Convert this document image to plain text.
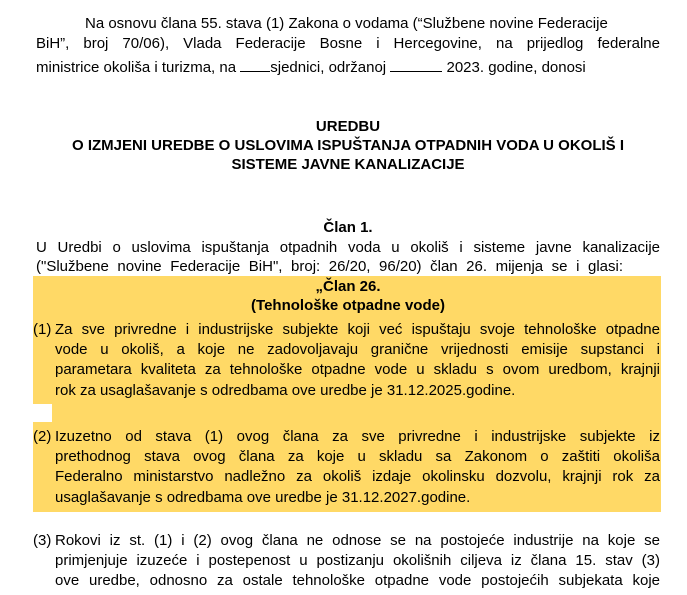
Na osnovu člana 55. stava (1) Zakona o vodama (“Službene novine Federacije
BiH”, broj 70/06), Vlada Federacije Bosne i Hercegovine, na prijedlog federalne
ministrice okoliša i turizma, na sjednici, održanoj	2023. godine, donosi
UREDBU
O IZMJENI UREDBE O USLOVIMA ISPUŠTANJA OTPADNIH VODA U OKOLIŠ I
SISTEME JAVNE KANALIZACIJE
Član 1.
U Uredbi o uslovima ispuštanja otpadnih voda u okoliš i sisteme javne kanalizacije
("Službene novine Federacije BiH", broj: 26/20, 96/20) član 26. mijenja se i glasi:
„Član 26.
(Tehnološke otpadne vode)
(1) Za sve privredne i industrijske subjekte koji već ispuštaju svoje tehnološke otpadne
vode u okoliš, a koje ne zadovoljavaju granične vrijednosti emisije supstanci i
parametara kvaliteta za tehnološke otpadne vode u skladu s ovom uredbom, krajnji
rok za usaglašavanje s odredbama ove uredbe je 31.12.2025.godine.
(2) Izuzetno od stava (1) ovog člana za sve privredne i industrijske subjekte iz
prethodnog stava ovog člana za koje u skladu sa Zakonom o zaštiti okoliša
Federalno ministarstvo nadležno za okoliš izdaje okolinsku dozvolu, krajnji rok za
usaglašavanje s odredbama ove uredbe je 31.12.2027.godine.
(3) Rokovi iz st. (1) i (2) ovog člana ne odnose se na postojeće industrije na koje se
primjenjuje izuzeće i postepenost u postizanju okolišnih ciljeva iz člana 15. stav (3)
ove uredbe, odnosno za ostale tehnološke otpadne vode postojećih subjekata koje
